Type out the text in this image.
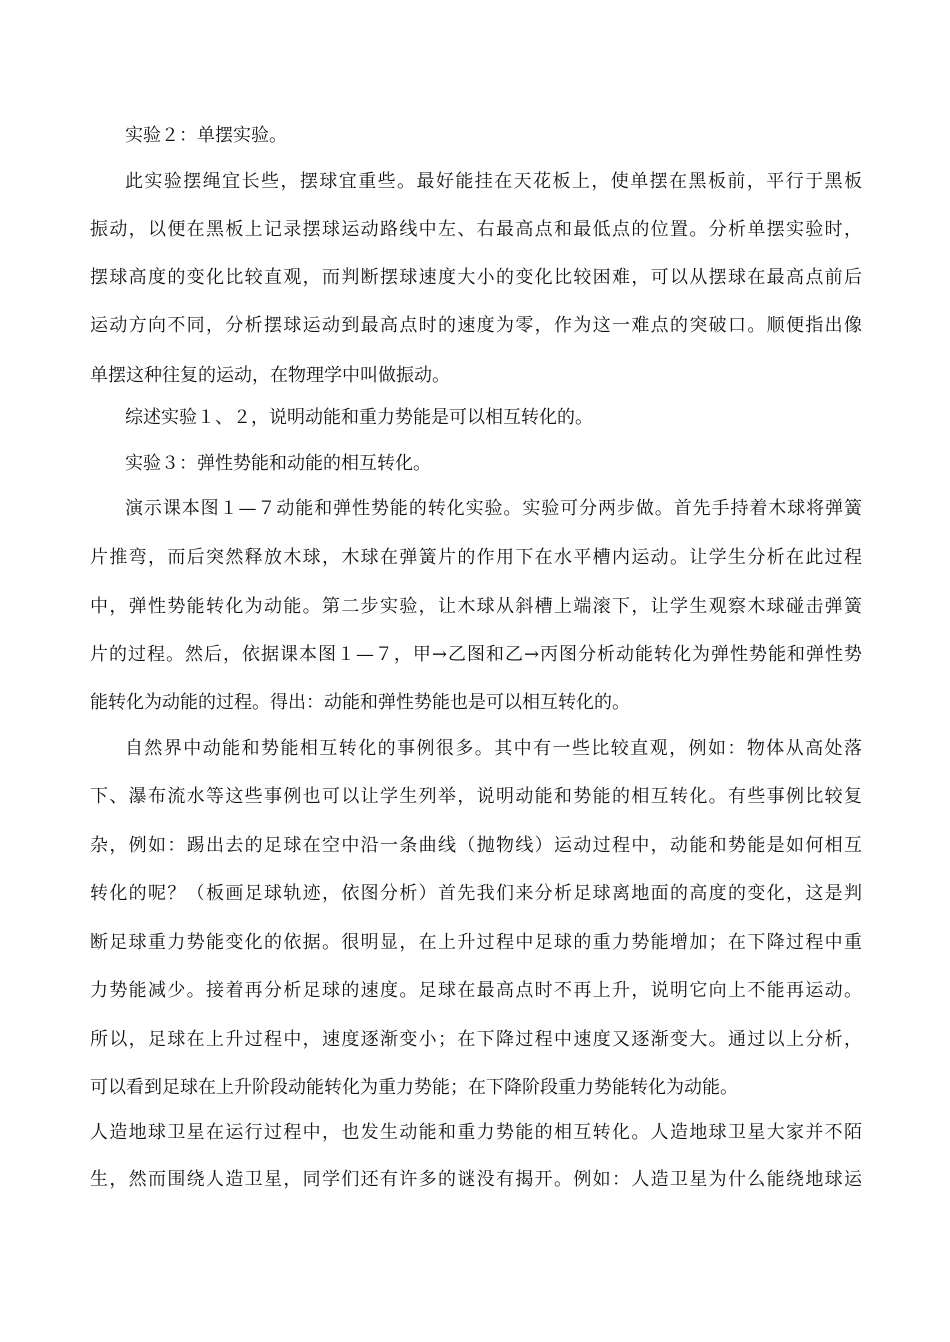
实验２：单摆实验。
此实验摆绳宜长些，摆球宜重些。最好能挂在天花板上，使单摆在黑板前，平行于黑板
振动，以便在黑板上记录摆球运动路线中左、右最高点和最低点的位置。分析单摆实验时，
摆球高度的变化比较直观，而判断摆球速度大小的变化比较困难，可以从摆球在最高点前后
运动方向不同，分析摆球运动到最高点时的速度为零，作为这一难点的突破口。顺便指出像
单摆这种往复的运动，在物理学中叫做振动。
综述实验１、２，说明动能和重力势能是可以相互转化的。
实验３：弹性势能和动能的相互转化。
演示课本图１—７动能和弹性势能的转化实验。实验可分两步做。首先手持着木球将弹簧
片推弯，而后突然释放木球，木球在弹簧片的作用下在水平槽内运动。让学生分析在此过程
中，弹性势能转化为动能。第二步实验，让木球从斜槽上端滚下，让学生观察木球碰击弹簧
片的过程。然后，依据课本图１—７，甲→乙图和乙→丙图分析动能转化为弹性势能和弹性势
能转化为动能的过程。得出：动能和弹性势能也是可以相互转化的。
自然界中动能和势能相互转化的事例很多。其中有一些比较直观，例如：物体从高处落
下、瀑布流水等这些事例也可以让学生列举，说明动能和势能的相互转化。有些事例比较复
杂，例如：踢出去的足球在空中沿一条曲线（抛物线）运动过程中，动能和势能是如何相互
转化的呢？（板画足球轨迹，依图分析）首先我们来分析足球离地面的高度的变化，这是判
断足球重力势能变化的依据。很明显，在上升过程中足球的重力势能增加；在下降过程中重
力势能减少。接着再分析足球的速度。足球在最高点时不再上升，说明它向上不能再运动。
所以，足球在上升过程中，速度逐渐变小；在下降过程中速度又逐渐变大。通过以上分析，
可以看到足球在上升阶段动能转化为重力势能；在下降阶段重力势能转化为动能。
人造地球卫星在运行过程中，也发生动能和重力势能的相互转化。人造地球卫星大家并不陌
生，然而围绕人造卫星，同学们还有许多的谜没有揭开。例如：人造卫星为什么能绕地球运
